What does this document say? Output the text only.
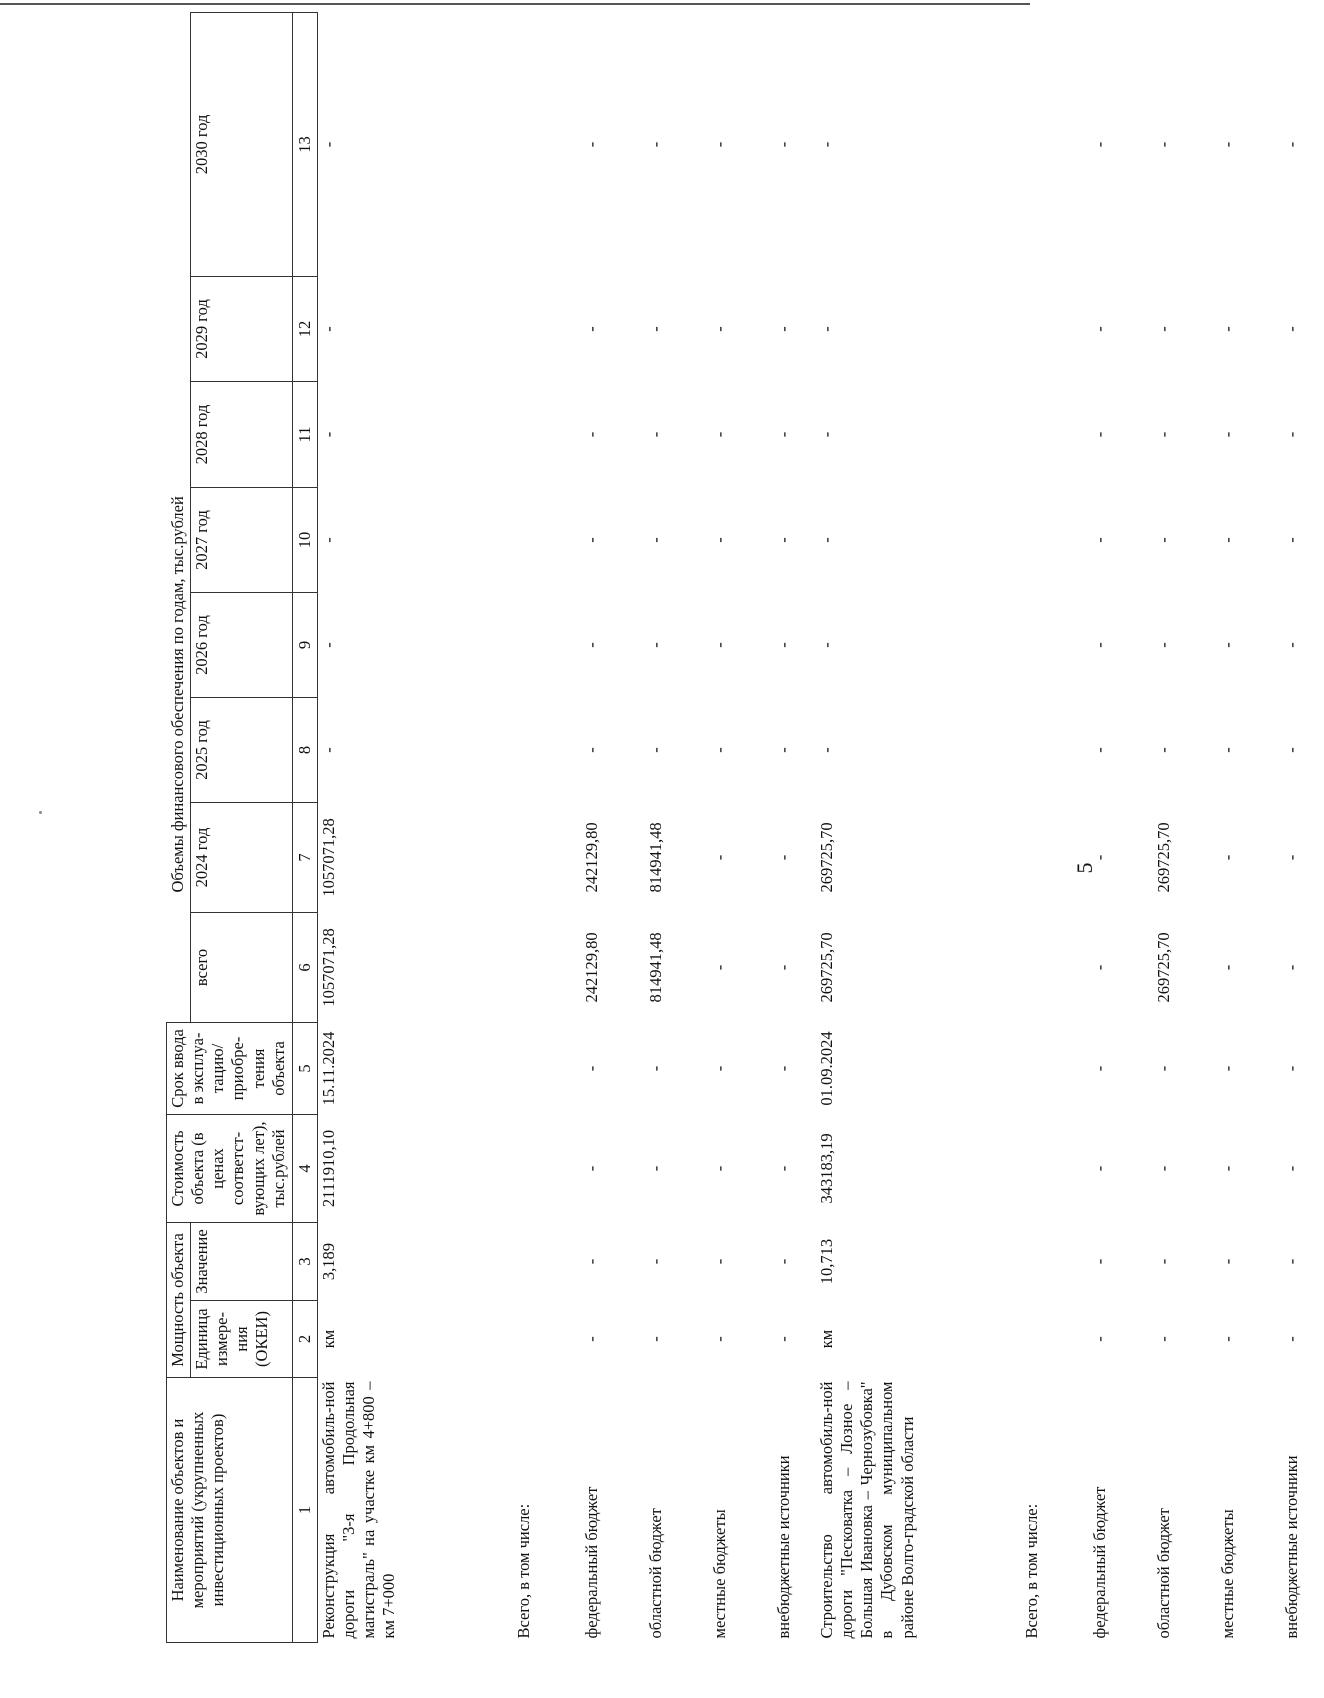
5
Наименование объектов и мероприятий (укрупненных инвестиционных проектов)	Мощность объекта		Стоимость объекта (в ценах соответст-вующих лет), тыс.рублей	Срок ввода в эксплуа-тацию/ приобре-тения объекта		Объемы финансового обеспечения по годам, тыс.рублей						
	Единица измере-ния (ОКЕИ)	Значение			всего	2024 год	2025 год	2026 год	2027 год	2028 год	2029 год	2030 год
1	2	3	4	5	6	7	8	9	10	11	12	13
Реконструкция автомобиль-ной дороги "3-я Продольная магистраль" на участке км 4+800 – км 7+000	км	3,189	2111910,10	15.11.2024	1057071,28	1057071,28	-	-	-	-	-	-
Всего, в том числе:												
федеральный бюджет	-	-	-	-	242129,80	242129,80	-	-	-	-	-	-
областной бюджет	-	-	-	-	814941,48	814941,48	-	-	-	-	-	-
местные бюджеты	-	-	-	-	-	-	-	-	-	-	-	-
внебюджетные источники	-	-	-	-	-	-	-	-	-	-	-	-
Строительство автомобиль-ной дороги "Песковатка – Лозное – Большая Ивановка – Чернозубовка" в Дубовском муниципальном районе Волго-градской области	км	10,713	343183,19	01.09.2024	269725,70	269725,70	-	-	-	-	-	-
Всего, в том числе:												
федеральный бюджет	-	-	-	-	-	-	-	-	-	-	-	-
областной бюджет	-	-	-	-	269725,70	269725,70	-	-	-	-	-	-
местные бюджеты	-	-	-	-	-	-	-	-	-	-	-	-
внебюджетные источники	-	-	-	-	-	-	-	-	-	-	-	-
